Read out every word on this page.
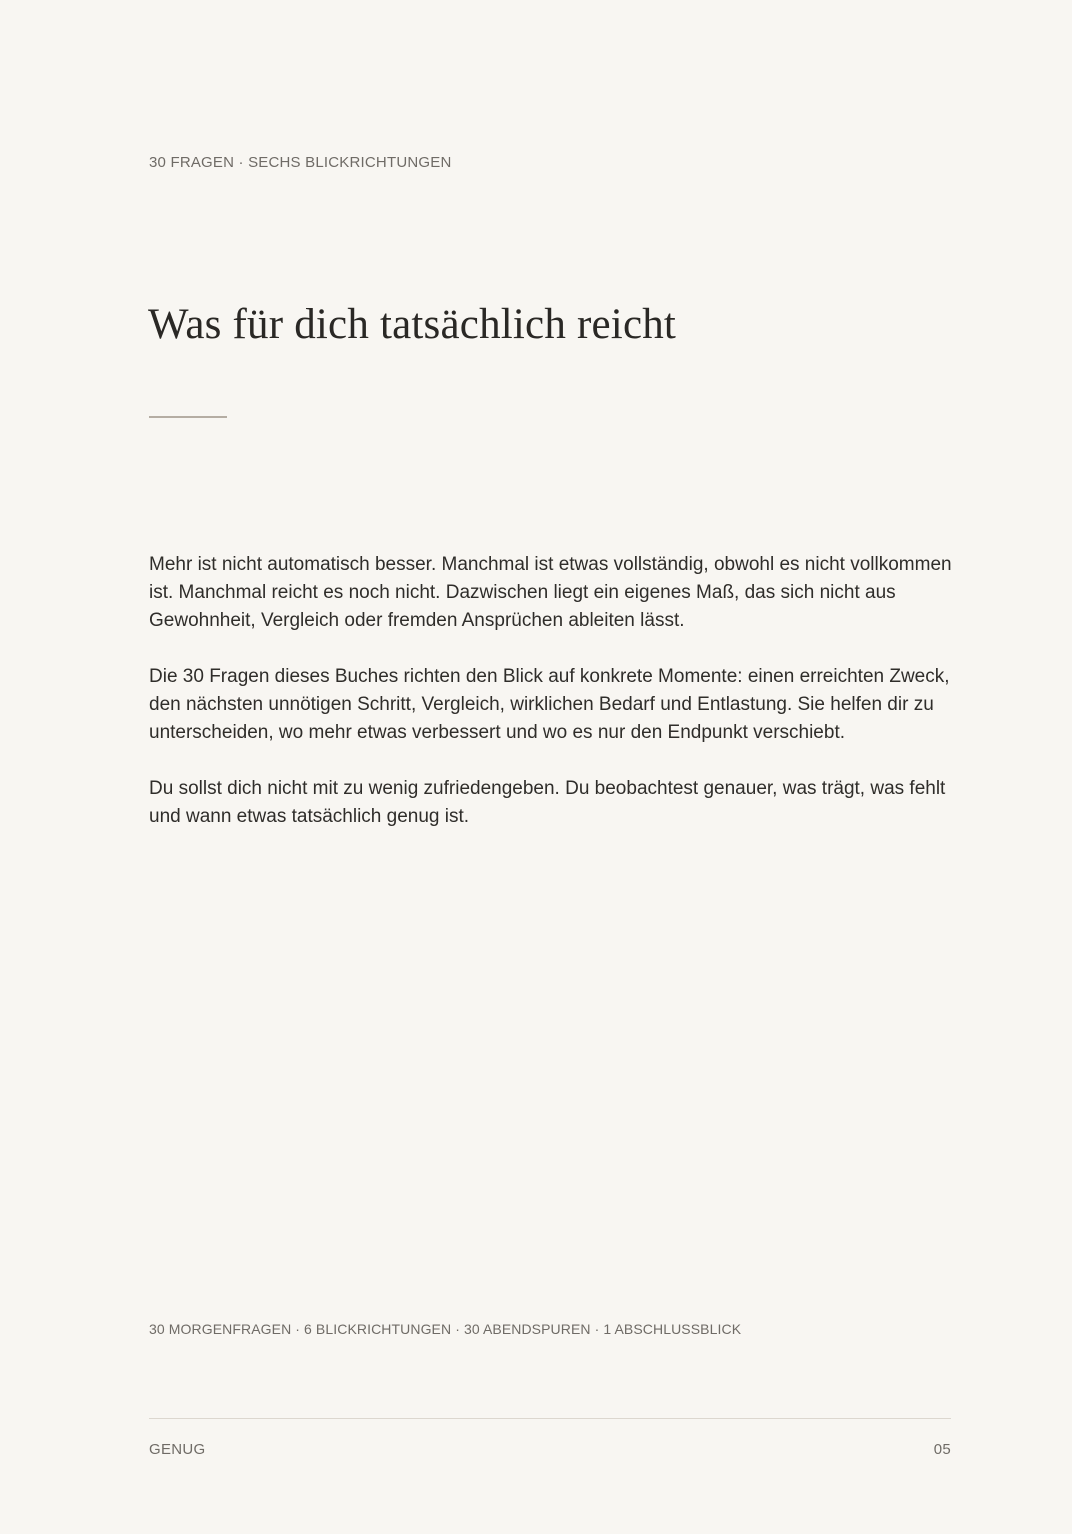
30 FRAGEN · SECHS BLICKRICHTUNGEN
Was für dich tatsächlich reicht

Mehr ist nicht automatisch besser. Manchmal ist etwas vollständig, obwohl es nicht vollkommen ist. Manchmal reicht es noch nicht. Dazwischen liegt ein eigenes Maß, das sich nicht aus Gewohnheit, Vergleich oder fremden Ansprüchen ableiten lässt.

Die 30 Fragen dieses Buches richten den Blick auf konkrete Momente: einen erreichten Zweck, den nächsten unnötigen Schritt, Vergleich, wirklichen Bedarf und Entlastung. Sie helfen dir zu unterscheiden, wo mehr etwas verbessert und wo es nur den Endpunkt verschiebt.

Du sollst dich nicht mit zu wenig zufriedengeben. Du beobachtest genauer, was trägt, was fehlt und wann etwas tatsächlich genug ist.

30 MORGENFRAGEN · 6 BLICKRICHTUNGEN · 30 ABENDSPUREN · 1 ABSCHLUSSBLICK
GENUG	05
